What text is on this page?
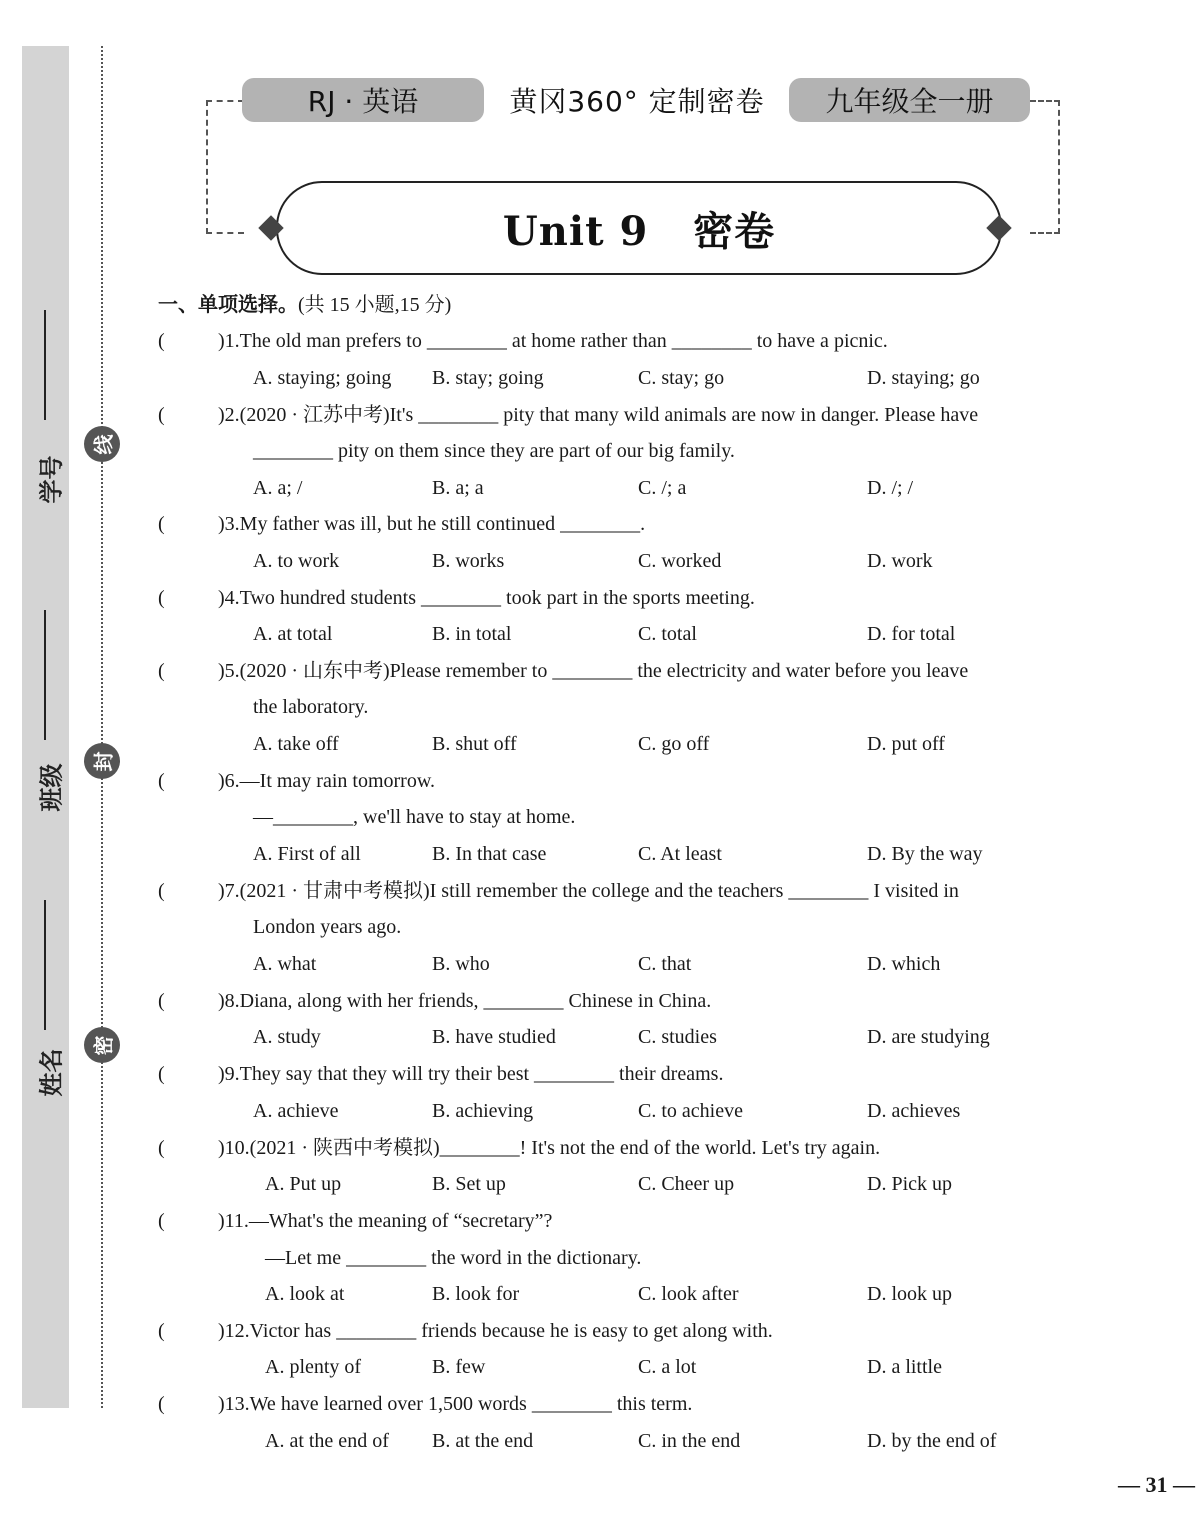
学号
班级
姓名
线
封
密
RJ · 英语	黄冈360° 定制密卷 九年级全一册
Unit 9   密卷
一、单项选择。(共 15 小题,15 分)
(	)1.The old man prefers to ________ at home rather than ________ to have a picnic.
A. staying; going B. stay; going	C. stay; go	D. staying; go
(	)2.(2020 · 江苏中考)It's ________ pity that many wild animals are now in danger. Please have
________ pity on them since they are part of our big family.
A. a; /	B. a; a	C. /; a	D. /; /
(	)3.My father was ill, but he still continued ________.
A. to work	B. works	C. worked	D. work
(	)4.Two hundred students ________ took part in the sports meeting.
A. at total	B. in total	C. total	D. for total
(	)5.(2020 · 山东中考)Please remember to ________ the electricity and water before you leave
the laboratory.
A. take off	B. shut off	C. go off	D. put off
(	)6.—It may rain tomorrow.
—________, we'll have to stay at home.
A. First of all	B. In that case	C. At least	D. By the way
(	)7.(2021 · 甘肃中考模拟)I still remember the college and the teachers ________ I visited in
London years ago.
A. what	B. who	C. that	D. which
(	)8.Diana, along with her friends, ________ Chinese in China.
A. study	B. have studied	C. studies	D. are studying
(	)9.They say that they will try their best ________ their dreams.
A. achieve	B. achieving	C. to achieve	D. achieves
(	)10.(2021 · 陕西中考模拟)________! It's not the end of the world. Let's try again.
A. Put up	B. Set up	C. Cheer up	D. Pick up
(	)11.—What's the meaning of “secretary”?
—Let me ________ the word in the dictionary.
A. look at	B. look for	C. look after	D. look up
(	)12.Victor has ________ friends because he is easy to get along with.
A. plenty of	B. few	C. a lot	D. a little
(	)13.We have learned over 1,500 words ________ this term.
A. at the end of B. at the end	C. in the end	D. by the end of
— 31 —
